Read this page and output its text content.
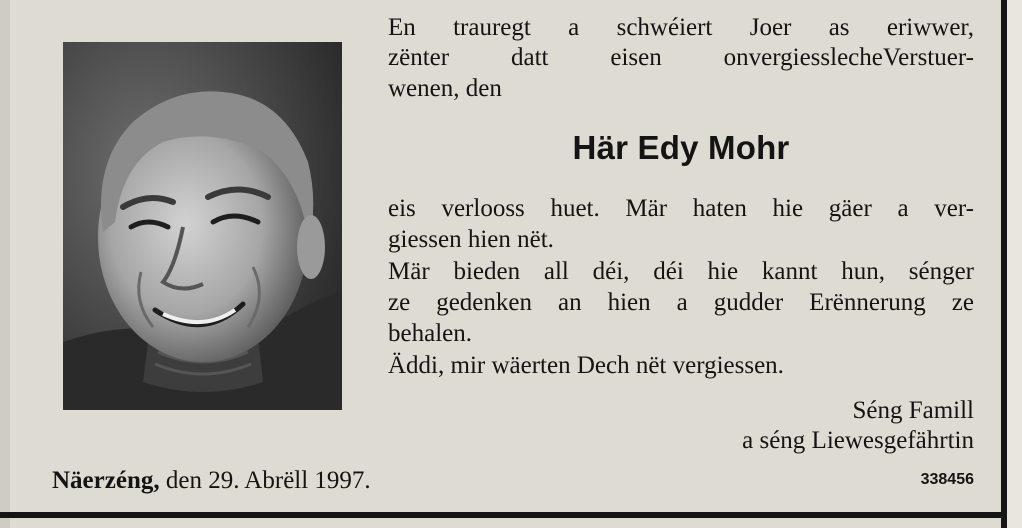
En trauregt a schwéiert Joer as eriwwer,
zënter datt eisen onvergiesslecheVerstuer-
wenen, den
Här Edy Mohr
eis verlooss huet. Mär haten hie gäer a ver-
giessen hien nët.
Mär bieden all déi, déi hie kannt hun, sénger
ze gedenken an hien a gudder Erënnerung ze
behalen.
Äddi, mir wäerten Dech nët vergiessen.
Séng Famill
a séng Liewesgefährtin
Näerzéng, den 29. Abrëll 1997.	338456
